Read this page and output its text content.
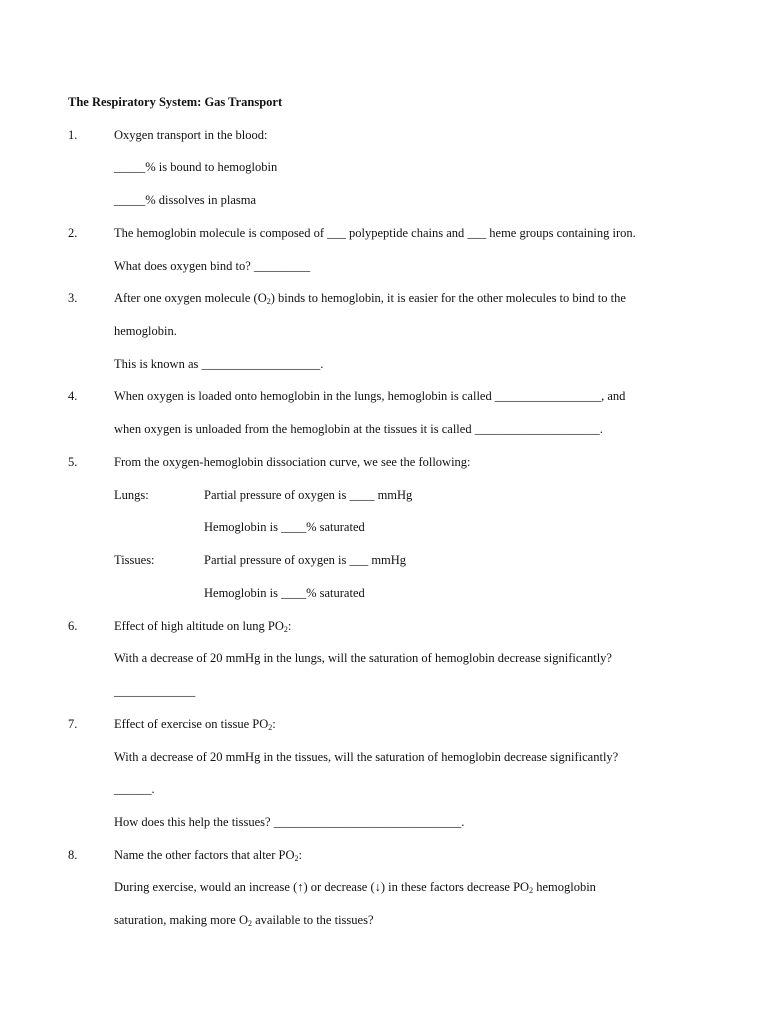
The Respiratory System: Gas Transport
1.	Oxygen transport in the blood:
_____% is bound to hemoglobin
_____% dissolves in plasma
2.	The hemoglobin molecule is composed of ___ polypeptide chains and ___ heme groups containing iron.
What does oxygen bind to? _________
3.	After one oxygen molecule $(O_2)$ binds to hemoglobin, it is easier for the other molecules to bind to the
hemoglobin.
This is known as ___________________.
4.	When oxygen is loaded onto hemoglobin in the lungs, hemoglobin is called _________________, and
when oxygen is unloaded from the hemoglobin at the tissues it is called ____________________.
5.	From the oxygen-hemoglobin dissociation curve, we see the following:
Lungs:	Partial pressure of oxygen is ____ mmHg
Hemoglobin is ____% saturated
Tissues:	Partial pressure of oxygen is ___ mmHg
Hemoglobin is ____% saturated
6.	Effect of high altitude on lung $PO_2$:
With a decrease of 20 mmHg in the lungs, will the saturation of hemoglobin decrease significantly?
_____________
7.	Effect of exercise on tissue $PO_2$:
With a decrease of 20 mmHg in the tissues, will the saturation of hemoglobin decrease significantly?
______.
How does this help the tissues? ______________________________.
8.	Name the other factors that alter $PO_2$:
During exercise, would an increase (↑) or decrease (↓) in these factors decrease $PO_2$ hemoglobin
saturation, making more $O_2$ available to the tissues?
